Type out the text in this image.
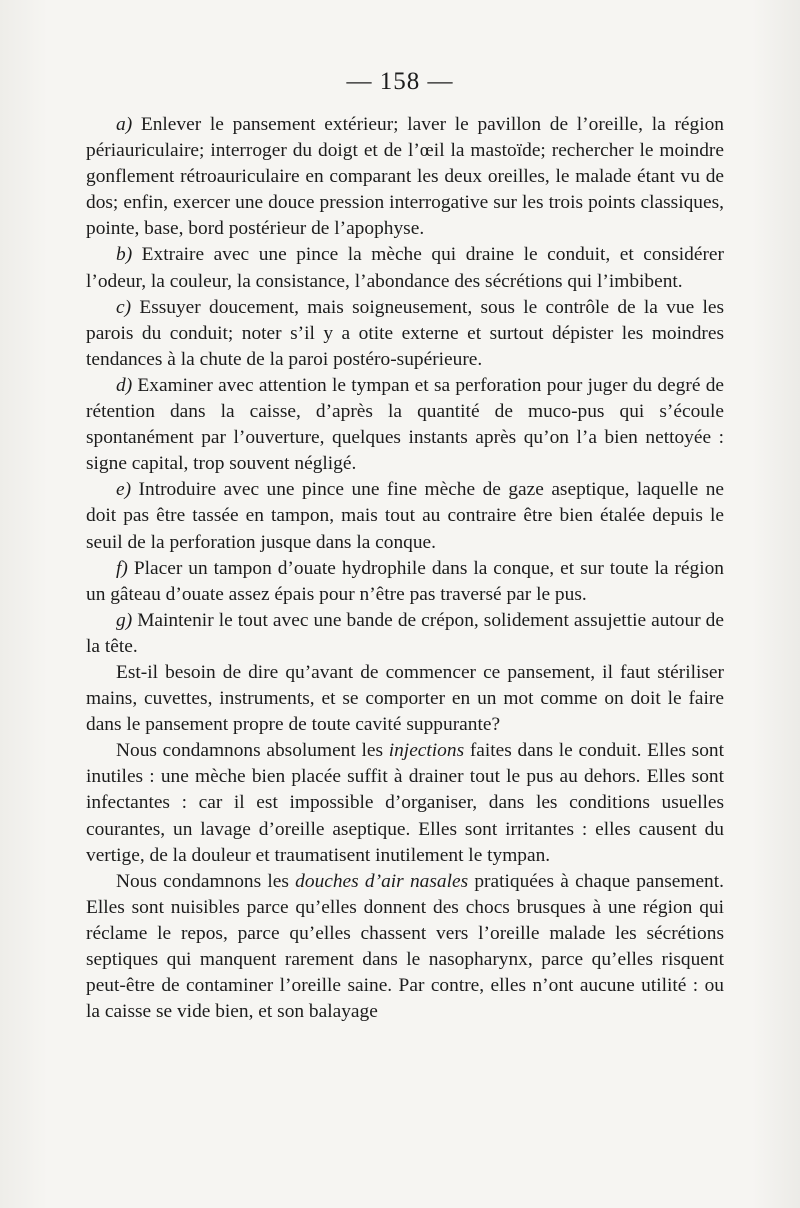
— 158 —

a) Enlever le pansement extérieur; laver le pavillon de l’oreille, la région périauriculaire; interroger du doigt et de l’œil la mastoïde; rechercher le moindre gonflement rétroauriculaire en comparant les deux oreilles, le malade étant vu de dos; enfin, exercer une douce pression interrogative sur les trois points classiques, pointe, base, bord postérieur de l’apophyse.

b) Extraire avec une pince la mèche qui draine le conduit, et considérer l’odeur, la couleur, la consistance, l’abondance des sécrétions qui l’imbibent.

c) Essuyer doucement, mais soigneusement, sous le contrôle de la vue les parois du conduit; noter s’il y a otite externe et surtout dépister les moindres tendances à la chute de la paroi postéro-supérieure.

d) Examiner avec attention le tympan et sa perforation pour juger du degré de rétention dans la caisse, d’après la quantité de muco-pus qui s’écoule spontanément par l’ouverture, quelques instants après qu’on l’a bien nettoyée : signe capital, trop souvent négligé.

e) Introduire avec une pince une fine mèche de gaze aseptique, laquelle ne doit pas être tassée en tampon, mais tout au contraire être bien étalée depuis le seuil de la perforation jusque dans la conque.

f) Placer un tampon d’ouate hydrophile dans la conque, et sur toute la région un gâteau d’ouate assez épais pour n’être pas traversé par le pus.

g) Maintenir le tout avec une bande de crépon, solidement assujettie autour de la tête.

Est-il besoin de dire qu’avant de commencer ce pansement, il faut stériliser mains, cuvettes, instruments, et se comporter en un mot comme on doit le faire dans le pansement propre de toute cavité suppurante?

Nous condamnons absolument les injections faites dans le conduit. Elles sont inutiles : une mèche bien placée suffit à drainer tout le pus au dehors. Elles sont infectantes : car il est impossible d’organiser, dans les conditions usuelles courantes, un lavage d’oreille aseptique. Elles sont irritantes : elles causent du vertige, de la douleur et traumatisent inutilement le tympan.

Nous condamnons les douches d’air nasales pratiquées à chaque pansement. Elles sont nuisibles parce qu’elles donnent des chocs brusques à une région qui réclame le repos, parce qu’elles chassent vers l’oreille malade les sécrétions septiques qui manquent rarement dans le nasopharynx, parce qu’elles risquent peut-être de contaminer l’oreille saine. Par contre, elles n’ont aucune utilité : ou la caisse se vide bien, et son balayage
